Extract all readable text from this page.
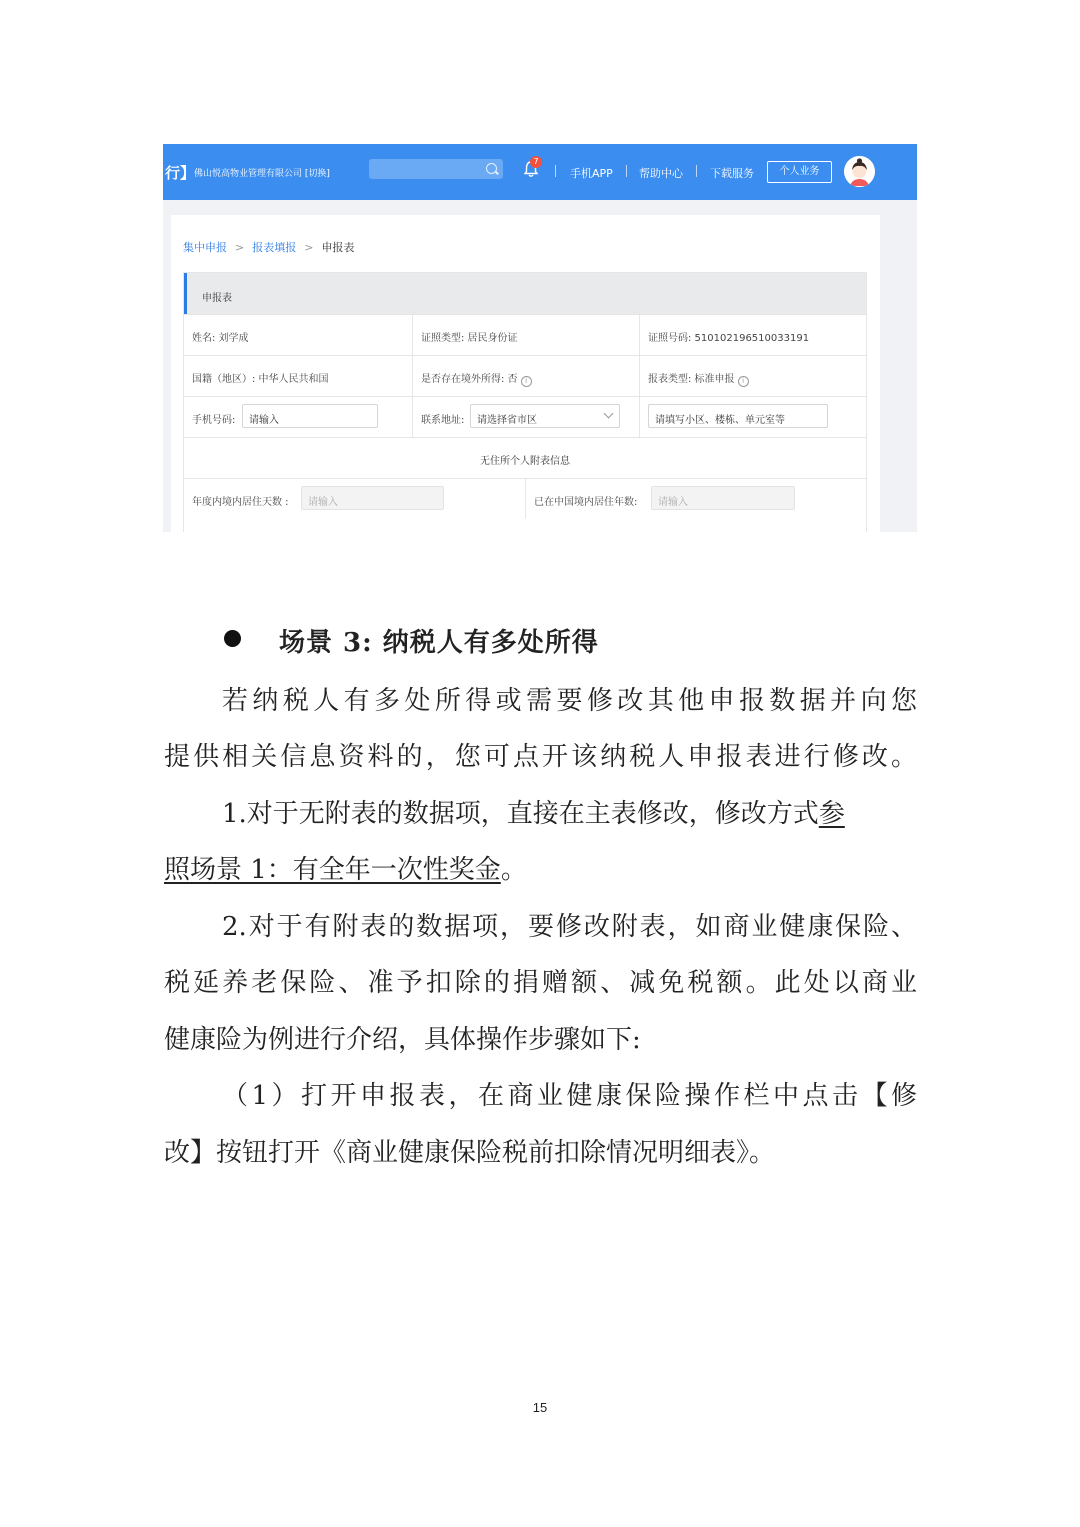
行】
佛山悦高物业管理有限公司 [切换]
7
手机APP 帮助中心 下载服务	个人业务
集中申报 > 报表填报 > 申报表
申报表
姓名: 刘学成	证照类型: 居民身份证	证照号码: 510102196510033191
国籍（地区）: 中华人民共和国	是否存在境外所得: 否 i	报表类型: 标准申报 i
手机号码: 请输入	联系地址: 请选择省市区	请填写小区、楼栋、单元室等
无住所个人附表信息
年度内境内居住天数 : 请输入	已在中国境内居住年数: 请输入
场景 3: 纳税人有多处所得
若纳税人有多处所得或需要修改其他申报数据并向您
提供相关信息资料的，您可点开该纳税人申报表进行修改。
1.对于无附表的数据项，直接在主表修改，修改方式参
照场景 1：有全年一次性奖金。
2.对于有附表的数据项，要修改附表，如商业健康保险、
税延养老保险、准予扣除的捐赠额、减免税额。此处以商业
健康险为例进行介绍，具体操作步骤如下:
（1）打开申报表，在商业健康保险操作栏中点击【修
改】按钮打开《商业健康保险税前扣除情况明细表》。
15
